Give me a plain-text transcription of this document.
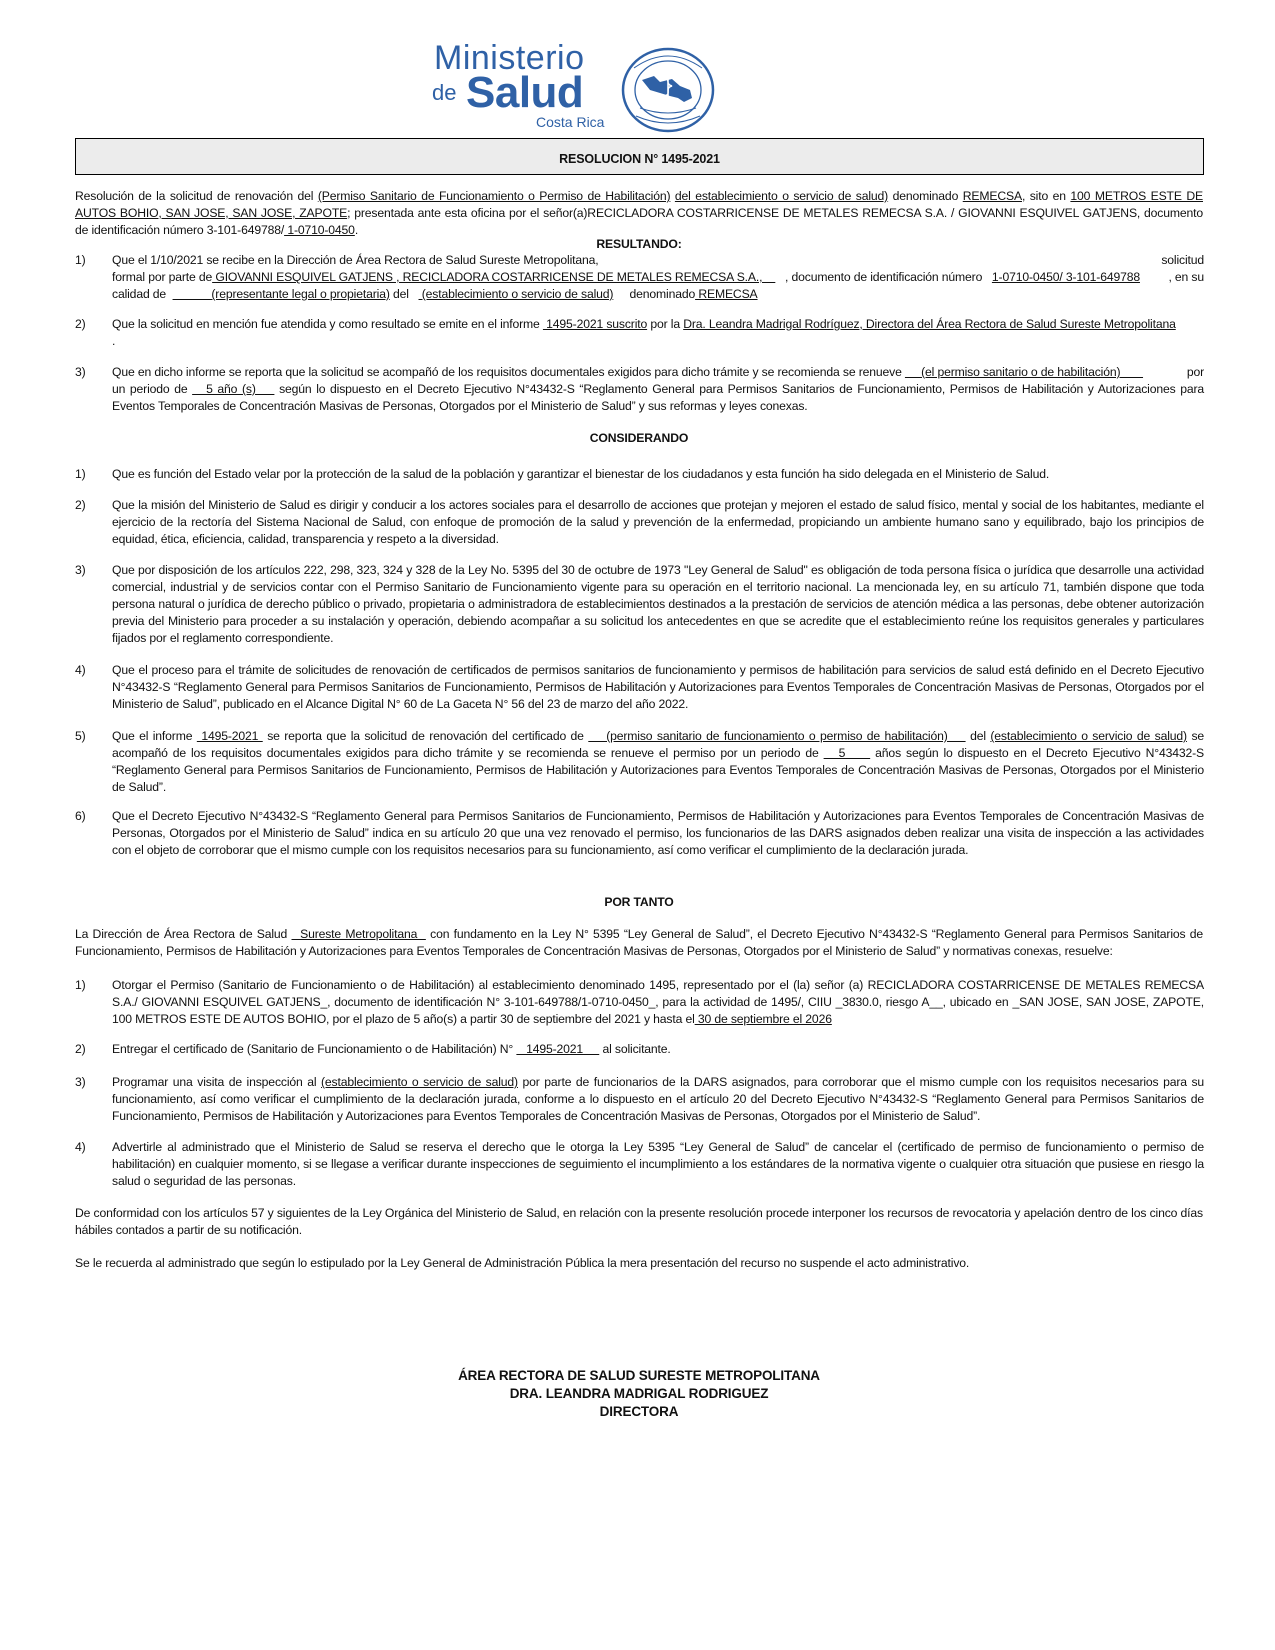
Ministerio
de Salud
Costa Rica
RESOLUCION N° 1495-2021
Resolución de la solicitud de renovación del (Permiso Sanitario de Funcionamiento o Permiso de Habilitación) del establecimiento o servicio de salud) denominado REMECSA, sito en 100 METROS ESTE DE AUTOS BOHIO, SAN JOSE, SAN JOSE, ZAPOTE; presentada ante esta oficina por el señor(a)RECICLADORA COSTARRICENSE DE METALES REMECSA S.A. / GIOVANNI ESQUIVEL GATJENS, documento de identificación número 3-101-649788/ 1-0710-0450.
RESULTANDO:
1) Que el 1/10/2021 se recibe en la Dirección de Área Rectora de Salud Sureste Metropolitana,	solicitud
formal por parte de GIOVANNI ESQUIVEL GATJENS , RECICLADORA COSTARRICENSE DE METALES REMECSA S.A.,       , documento de identificación número   1-0710-0450/ 3-101-649788 , en su
calidad de              (representante legal o propietaria) del    (establecimiento o servicio de salud)     denominado REMECSA
2) Que la solicitud en mención fue atendida y como resultado se emite en el informe  1495-2021 suscrito por la Dra. Leandra Madrigal Rodríguez, Directora del Área Rectora de Salud Sureste Metropolitana
.
3) Que en dicho informe se reporta que la solicitud se acompañó de los requisitos documentales exigidos para dicho trámite y se recomienda se renueve      (el permiso sanitario o de habilitación)	por
un periodo de    5 año (s)     según lo dispuesto en el Decreto Ejecutivo N°43432-S “Reglamento General para Permisos Sanitarios de Funcionamiento, Permisos de Habilitación y Autorizaciones para
Eventos Temporales de Concentración Masivas de Personas, Otorgados por el Ministerio de Salud” y sus reformas y leyes conexas.
CONSIDERANDO
1) Que es función del Estado velar por la protección de la salud de la población y garantizar el bienestar de los ciudadanos y esta función ha sido delegada en el Ministerio de Salud.
2) Que la misión del Ministerio de Salud es dirigir y conducir a los actores sociales para el desarrollo de acciones que protejan y mejoren el estado de salud físico, mental y social de los habitantes, mediante el ejercicio de la rectoría del Sistema Nacional de Salud, con enfoque de promoción de la salud y prevención de la enfermedad, propiciando un ambiente humano sano y equilibrado, bajo los principios de equidad, ética, eficiencia, calidad, transparencia y respeto a la diversidad.
3) Que por disposición de los artículos 222, 298, 323, 324 y 328 de la Ley No. 5395 del 30 de octubre de 1973 "Ley General de Salud" es obligación de toda persona física o jurídica que desarrolle una actividad comercial, industrial y de servicios contar con el Permiso Sanitario de Funcionamiento vigente para su operación en el territorio nacional. La mencionada ley, en su artículo 71, también dispone que toda persona natural o jurídica de derecho público o privado, propietaria o administradora de establecimientos destinados a la prestación de servicios de atención médica a las personas, debe obtener autorización previa del Ministerio para proceder a su instalación y operación, debiendo acompañar a su solicitud los antecedentes en que se acredite que el establecimiento reúne los requisitos generales y particulares fijados por el reglamento correspondiente.
4) Que el proceso para el trámite de solicitudes de renovación de certificados de permisos sanitarios de funcionamiento y permisos de habilitación para servicios de salud está definido en el Decreto Ejecutivo N°43432-S “Reglamento General para Permisos Sanitarios de Funcionamiento, Permisos de Habilitación y Autorizaciones para Eventos Temporales de Concentración Masivas de Personas, Otorgados por el Ministerio de Salud”, publicado en el Alcance Digital N° 60 de La Gaceta N° 56 del 23 de marzo del año 2022.
5) Que el informe  1495-2021  se reporta que la solicitud de renovación del certificado de     (permiso sanitario de funcionamiento o permiso de habilitación)     del (establecimiento o servicio de salud) se acompañó de los requisitos documentales exigidos para dicho trámite y se recomienda se renueve el permiso por un periodo de    5      años según lo dispuesto en el Decreto Ejecutivo N°43432-S “Reglamento General para Permisos Sanitarios de Funcionamiento, Permisos de Habilitación y Autorizaciones para Eventos Temporales de Concentración Masivas de Personas, Otorgados por el Ministerio de Salud”.
6) Que el Decreto Ejecutivo N°43432-S “Reglamento General para Permisos Sanitarios de Funcionamiento, Permisos de Habilitación y Autorizaciones para Eventos Temporales de Concentración Masivas de Personas, Otorgados por el Ministerio de Salud” indica en su artículo 20 que una vez renovado el permiso, los funcionarios de las DARS asignados deben realizar una visita de inspección a las actividades con el objeto de corroborar que el mismo cumple con los requisitos necesarios para su funcionamiento, así como verificar el cumplimiento de la declaración jurada.
POR TANTO
La Dirección de Área Rectora de Salud   Sureste Metropolitana   con fundamento en la Ley N° 5395 “Ley General de Salud”, el Decreto Ejecutivo N°43432-S “Reglamento General para Permisos Sanitarios de Funcionamiento, Permisos de Habilitación y Autorizaciones para Eventos Temporales de Concentración Masivas de Personas, Otorgados por el Ministerio de Salud” y normativas conexas, resuelve:
1) Otorgar el Permiso (Sanitario de Funcionamiento o de Habilitación) al establecimiento denominado 1495, representado por el (la) señor (a) RECICLADORA COSTARRICENSE DE METALES REMECSA S.A./ GIOVANNI ESQUIVEL GATJENS_, documento de identificación N° 3-101-649788/1-0710-0450_, para la actividad de 1495/, CIIU _3830.0, riesgo A__, ubicado en _SAN JOSE, SAN JOSE, ZAPOTE, 100 METROS ESTE DE AUTOS BOHIO, por el plazo de 5 año(s) a partir 30 de septiembre del 2021 y hasta el 30 de septiembre el 2026
2) Entregar el certificado de (Sanitario de Funcionamiento o de Habilitación) N°    1495-2021      al solicitante.
3) Programar una visita de inspección al (establecimiento o servicio de salud) por parte de funcionarios de la DARS asignados, para corroborar que el mismo cumple con los requisitos necesarios para su funcionamiento, así como verificar el cumplimiento de la declaración jurada, conforme a lo dispuesto en el artículo 20 del Decreto Ejecutivo N°43432-S “Reglamento General para Permisos Sanitarios de Funcionamiento, Permisos de Habilitación y Autorizaciones para Eventos Temporales de Concentración Masivas de Personas, Otorgados por el Ministerio de Salud”.
4) Advertirle al administrado que el Ministerio de Salud se reserva el derecho que le otorga la Ley 5395 “Ley General de Salud” de cancelar el (certificado de permiso de funcionamiento o permiso de habilitación) en cualquier momento, si se llegase a verificar durante inspecciones de seguimiento el incumplimiento a los estándares de la normativa vigente o cualquier otra situación que pusiese en riesgo la salud o seguridad de las personas.
De conformidad con los artículos 57 y siguientes de la Ley Orgánica del Ministerio de Salud, en relación con la presente resolución procede interponer los recursos de revocatoria y apelación dentro de los cinco días hábiles contados a partir de su notificación.
Se le recuerda al administrado que según lo estipulado por la Ley General de Administración Pública la mera presentación del recurso no suspende el acto administrativo.
ÁREA RECTORA DE SALUD SURESTE METROPOLITANA
DRA. LEANDRA MADRIGAL RODRIGUEZ
DIRECTORA
